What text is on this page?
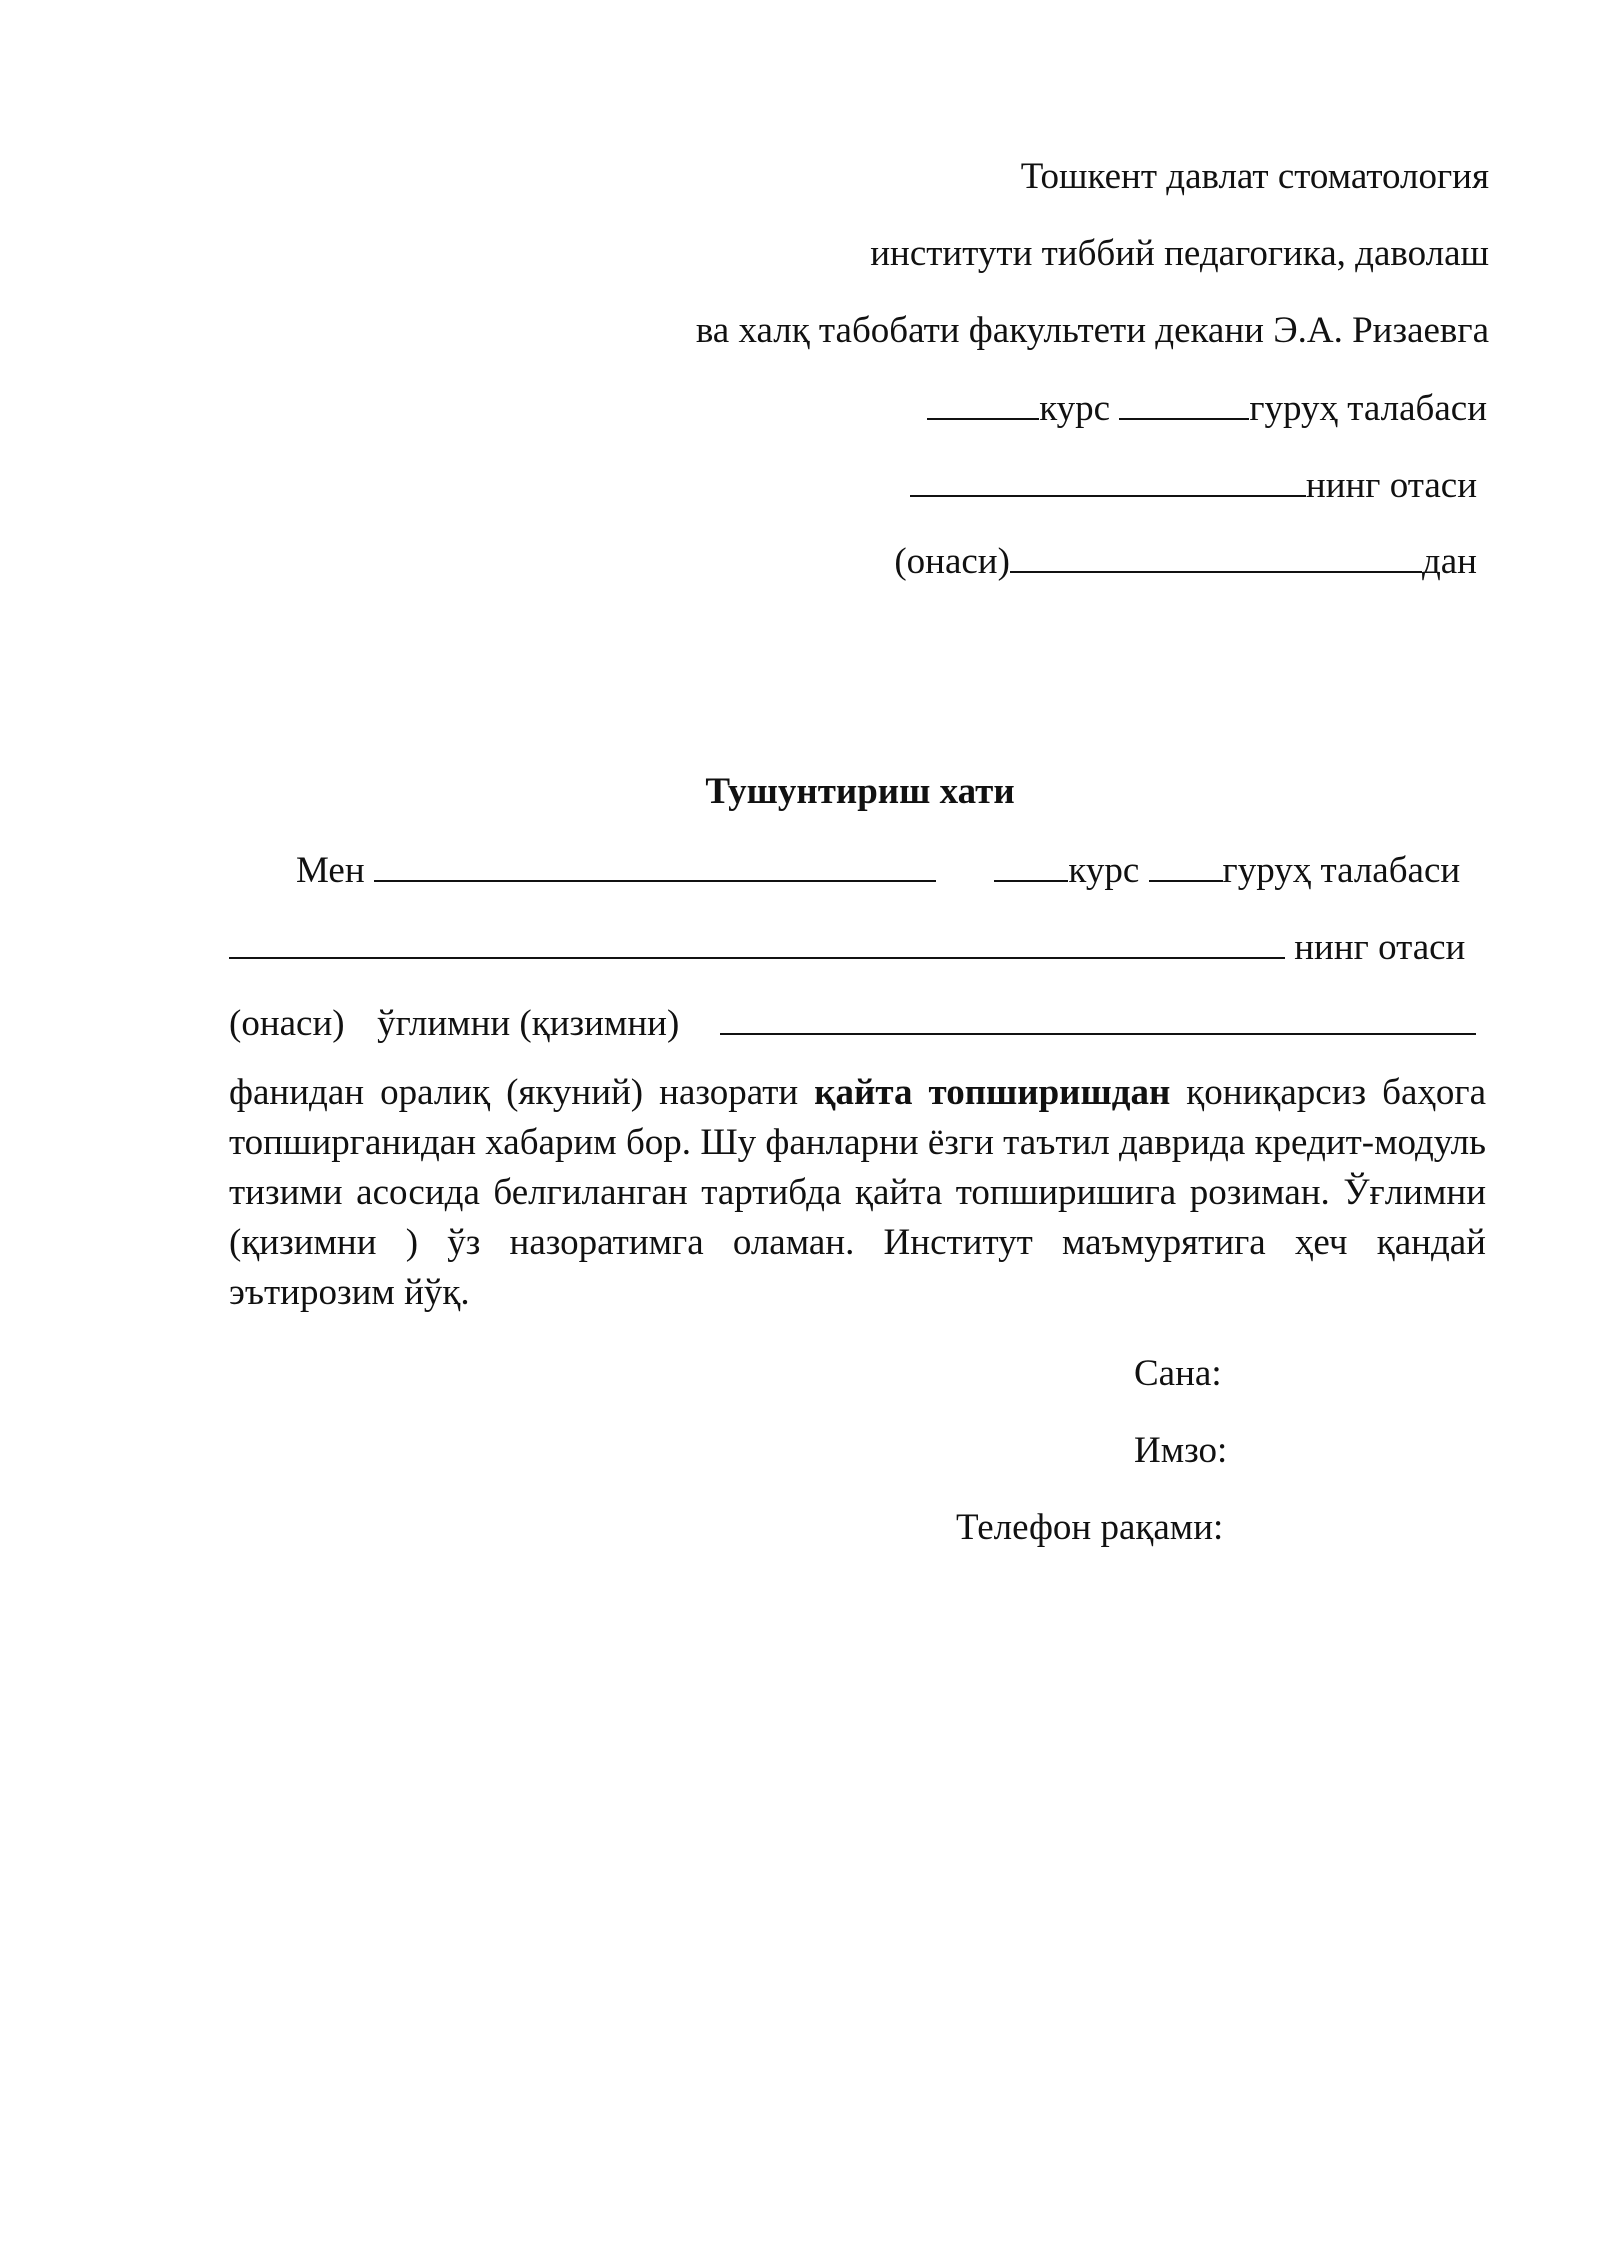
Тошкент давлат стоматология
институти тиббий педагогика, даволаш
ва халқ табобати факультети декани Э.А. Ризаевга
курс	гуруҳ талабаси
нинг отаси
(онаси)	дан
Тушунтириш хати
Мен	курс гуруҳ талабаси
нинг отаси
(онаси) ўглимни (қизимни)
фанидан оралиқ (якуний) назорати қайта топширишдан қониқарсиз баҳога топширганидан хабарим бор. Шу фанларни ёзги таътил даврида кредит-модуль тизими асосида белгиланган тартибда қайта топширишига розиман. Ўғлимни (қизимни ) ўз назоратимга оламан. Институт маъмурятига ҳеч қандай эътирозим йўқ.
Сана:
Имзо:
Телефон рақами:
